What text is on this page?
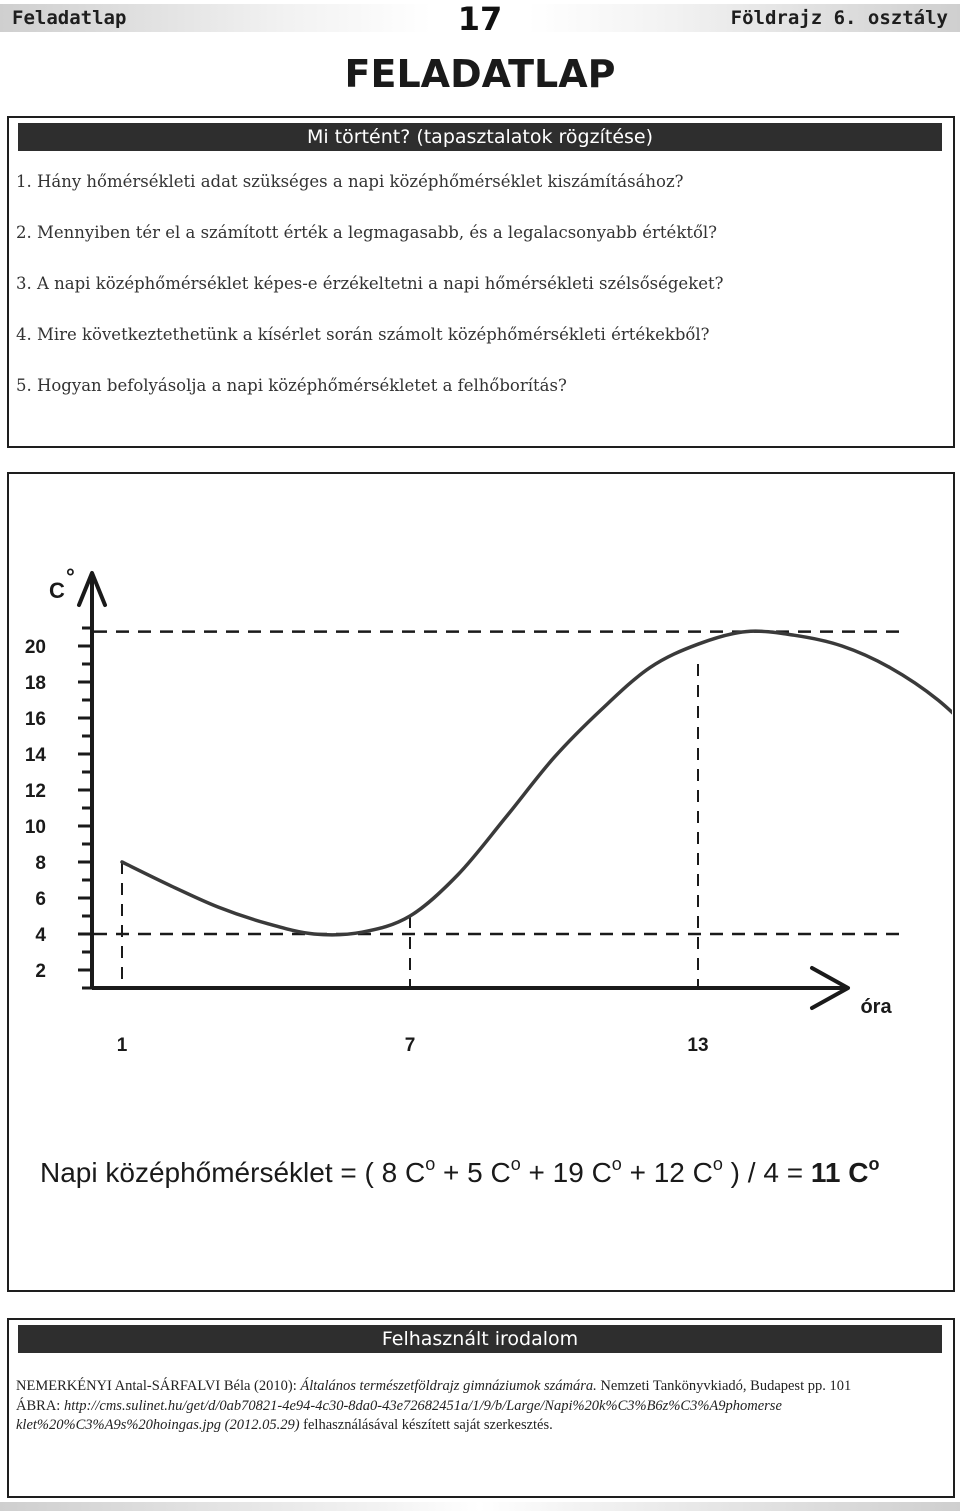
Feladatlap	17	Földrajz 6. osztály
FELADATLAP
Mi történt? (tapasztalatok rögzítése)
1. Hány hőmérsékleti adat szükséges a napi középhőmérséklet kiszámításához?
2. Mennyiben tér el a számított érték a legmagasabb, és a legalacsonyabb értéktől?
3. A napi középhőmérséklet képes-e érzékeltetni a napi hőmérsékleti szélsőségeket?
4. Mire következtethetünk a kísérlet során számolt középhőmérsékleti értékekből?
5. Hogyan befolyásolja a napi középhőmérsékletet a felhőborítás?
20
18
16
14
12
10
8
6
4
2
C
°
óra
1	7	13
Napi középhőmérséklet = ( 8 $C^o + 5$ $C^o + 19$ $C^o + 12$ $C^o$ ) / 4 = 11 $C^o$
Felhasznált irodalom

NEMERKÉNYI Antal-SÁRFALVI Béla (2010): Általános természetföldrajz gimnáziumok számára. Nemzeti Tankönyvkiadó, Budapest pp. 101

ÁBRA: http://cms.sulinet.hu/get/d/0ab70821-4e94-4c30-8da0-43e72682451a/1/9/b/Large/Napi%20k%C3%B6z%C3%A9phomerse klet%20%C3%A9s%20hoingas.jpg (2012.05.29) felhasználásával készített saját szerkesztés.
